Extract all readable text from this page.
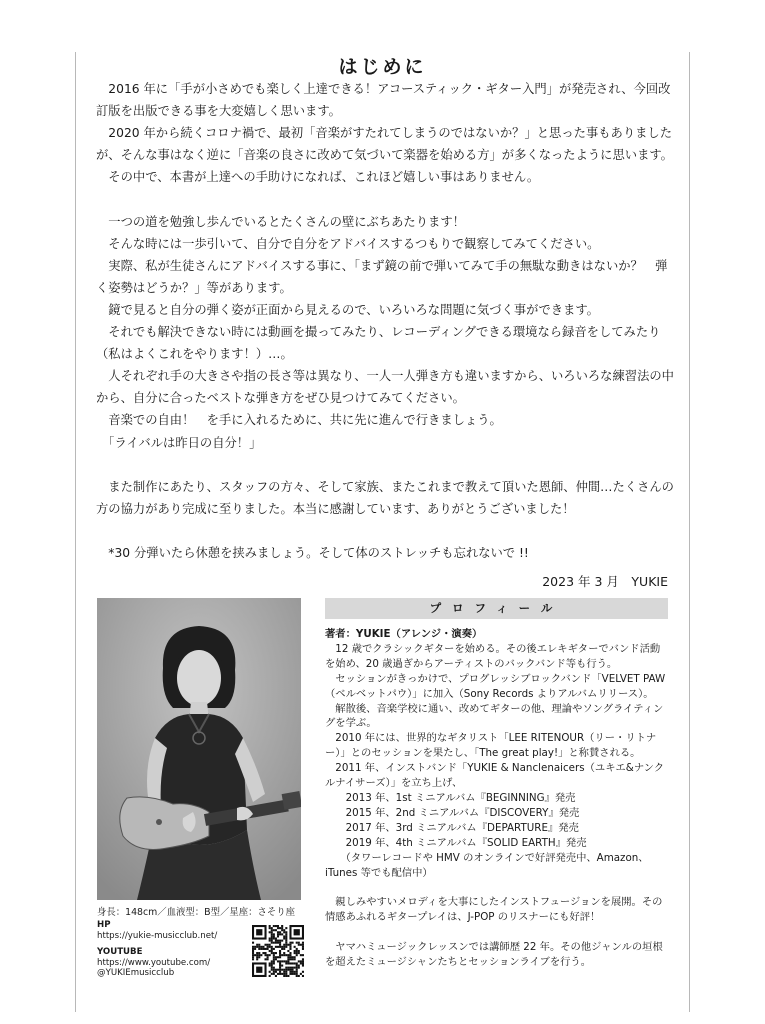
はじめに

　2016 年に「手が小さめでも楽しく上達できる！アコースティック・ギター入門」が発売され、今回改訂版を出版できる事を大変嬉しく思います。

　2020 年から続くコロナ禍で、最初「音楽がすたれてしまうのではないか？」と思った事もありましたが、そんな事はなく逆に「音楽の良さに改めて気づいて楽器を始める方」が多くなったように思います。

　その中で、本書が上達への手助けになれば、これほど嬉しい事はありません。

　一つの道を勉強し歩んでいるとたくさんの壁にぶちあたります！

　そんな時には一歩引いて、自分で自分をアドバイスするつもりで観察してみてください。

　実際、私が生徒さんにアドバイスする事に、「まず鏡の前で弾いてみて手の無駄な動きはないか？　弾く姿勢はどうか？」等があります。

　鏡で見ると自分の弾く姿が正面から見えるので、いろいろな問題に気づく事ができます。

　それでも解決できない時には動画を撮ってみたり、レコーディングできる環境なら録音をしてみたり（私はよくこれをやります！）…。

　人それぞれ手の大きさや指の長さ等は異なり、一人一人弾き方も違いますから、いろいろな練習法の中から、自分に合ったベストな弾き方をぜひ見つけてみてください。

　音楽での自由！　を手に入れるために、共に先に進んで行きましょう。

　「ライバルは昨日の自分！」

　また制作にあたり、スタッフの方々、そして家族、またこれまで教えて頂いた恩師、仲間…たくさんの方の協力があり完成に至りました。本当に感謝しています、ありがとうございました！

　*30 分弾いたら休憩を挟みましょう。そして体のストレッチも忘れないで !!

2023 年 3 月　YUKIE
身長：148cm／血液型：B型／星座：さそり座
HP
https://yukie-musicclub.net/
YOUTUBE
https://www.youtube.com/
@YUKIEmusicclub
プロフィール

著者：YUKIE（アレンジ・演奏）

　12 歳でクラシックギターを始める。その後エレキギターでバンド活動を始め、20 歳過ぎからアーティストのバックバンド等も行う。

　セッションがきっかけで、プログレッシブロックバンド「VELVET PAW（ベルベットパウ）」に加入（Sony Records よりアルバムリリース）。

　解散後、音楽学校に通い、改めてギターの他、理論やソングライティングを学ぶ。

　2010 年には、世界的なギタリスト「LEE RITENOUR（リー・リトナー）」とのセッションを果たし、「The great play!」と称賛される。

　2011 年、インストバンド「YUKIE & Nanclenaicers（ユキエ&ナンクルナイサーズ）」を立ち上げ、

　　2013 年、1st ミニアルバム『BEGINNING』発売

　　2015 年、2nd ミニアルバム『DISCOVERY』発売

　　2017 年、3rd ミニアルバム『DEPARTURE』発売

　　2019 年、4th ミニアルバム『SOLID EARTH』発売

　　（タワーレコードや HMV のオンラインで好評発売中、Amazon、iTunes 等でも配信中）

　親しみやすいメロディを大事にしたインストフュージョンを展開。その情感あふれるギタープレイは、J-POP のリスナーにも好評！

　ヤマハミュージックレッスンでは講師歴 22 年。その他ジャンルの垣根を超えたミュージシャンたちとセッションライブを行う。
